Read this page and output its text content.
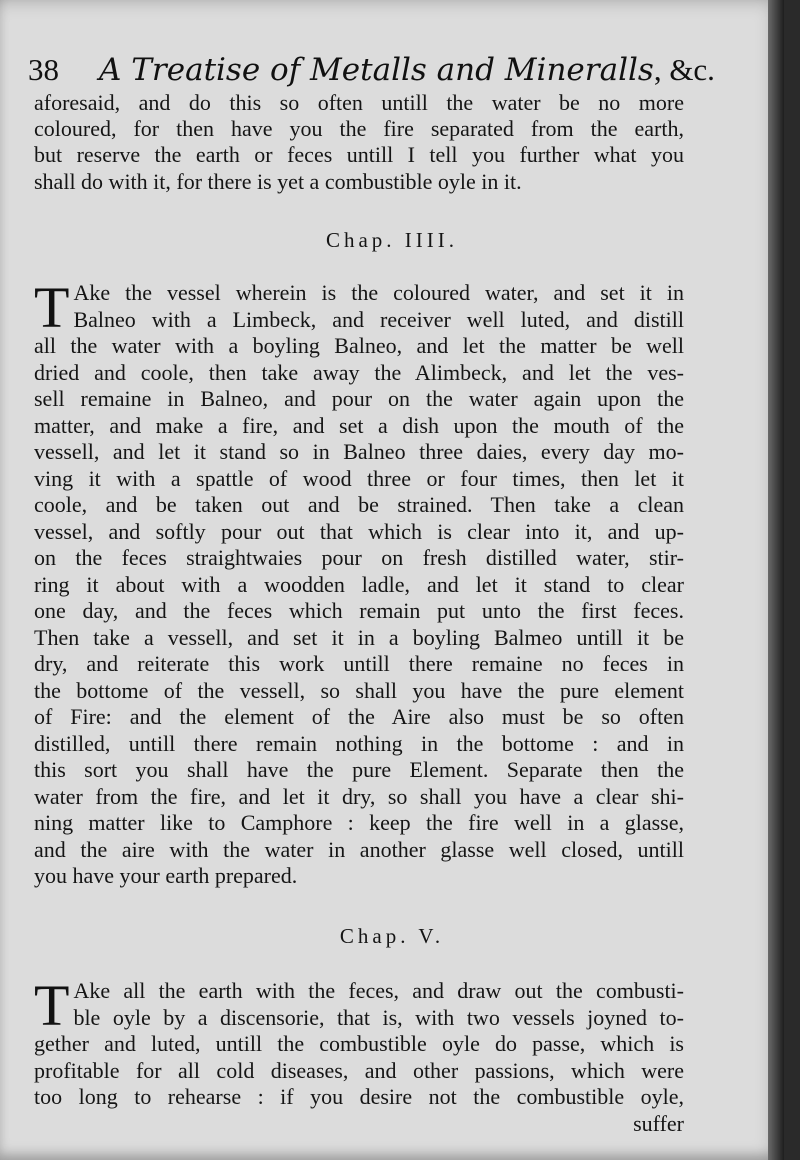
38 A Treatise of Metalls and Mineralls, &c.
aforesaid, and do this so often untill the water be no more
coloured, for then have you the fire separated from the earth,
but reserve the earth or feces untill I tell you further what you
shall do with it, for there is yet a combustible oyle in it.
Chap. IIII.
T Ake the vessel wherein is the coloured water, and set it in
Balneo with a Limbeck, and receiver well luted, and distill
all the water with a boyling Balneo, and let the matter be well
dried and coole, then take away the Alimbeck, and let the ves-
sell remaine in Balneo, and pour on the water again upon the
matter, and make a fire, and set a dish upon the mouth of the
vessell, and let it stand so in Balneo three daies, every day mo-
ving it with a spattle of wood three or four times, then let it
coole, and be taken out and be strained. Then take a clean
vessel, and softly pour out that which is clear into it, and up-
on the feces straightwaies pour on fresh distilled water, stir-
ring it about with a woodden ladle, and let it stand to clear
one day, and the feces which remain put unto the first feces.
Then take a vessell, and set it in a boyling Balmeo untill it be
dry, and reiterate this work untill there remaine no feces in
the bottome of the vessell, so shall you have the pure element
of Fire: and the element of the Aire also must be so often
distilled, untill there remain nothing in the bottome : and in
this sort you shall have the pure Element. Separate then the
water from the fire, and let it dry, so shall you have a clear shi-
ning matter like to Camphore : keep the fire well in a glasse,
and the aire with the water in another glasse well closed, untill
you have your earth prepared.
Chap. V.
T Ake all the earth with the feces, and draw out the combusti-
ble oyle by a discensorie, that is, with two vessels joyned to-
gether and luted, untill the combustible oyle do passe, which is
profitable for all cold diseases, and other passions, which were
too long to rehearse : if you desire not the combustible oyle,
suffer
